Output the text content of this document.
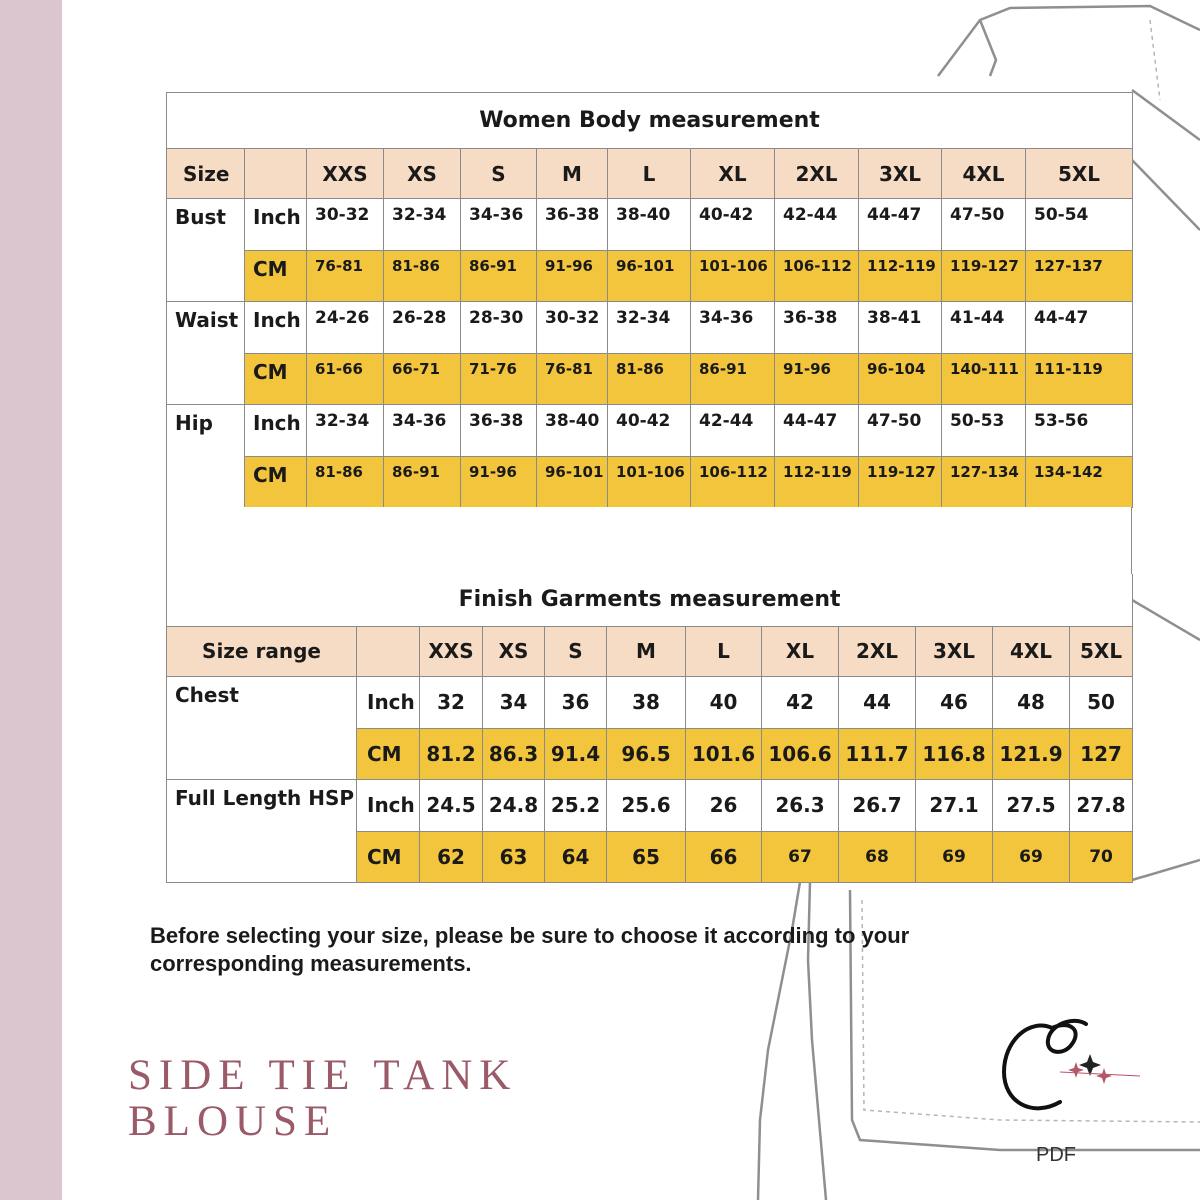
Women Body measurement											
Size		XXS	XS	S	M	L	XL	2XL	3XL	4XL	5XL
Bust	Inch	30-32	32-34	34-36	36-38	38-40	40-42	42-44	44-47	47-50	50-54
	CM	76-81	81-86	86-91	91-96	96-101	101-106	106-112	112-119	119-127	127-137
Waist	Inch	24-26	26-28	28-30	30-32	32-34	34-36	36-38	38-41	41-44	44-47
	CM	61-66	66-71	71-76	76-81	81-86	86-91	91-96	96-104	140-111	111-119
Hip	Inch	32-34	34-36	36-38	38-40	40-42	42-44	44-47	47-50	50-53	53-56
	CM	81-86	86-91	91-96	96-101	101-106	106-112	112-119	119-127	127-134	134-142
Finish Garments measurement											
Size range		XXS	XS	S	M	L	XL	2XL	3XL	4XL	5XL
Chest	Inch	32	34	36	38	40	42	44	46	48	50
	CM	81.2	86.3	91.4	96.5	101.6	106.6	111.7	116.8	121.9	127
Full Length HSP	Inch	24.5	24.8	25.2	25.6	26	26.3	26.7	27.1	27.5	27.8
	CM	62	63	64	65	66	67	68	69	69	70

Before selecting your size, please be sure to choose it according to your corresponding measurements.

SIDE TIE TANK
BLOUSE
PDF
